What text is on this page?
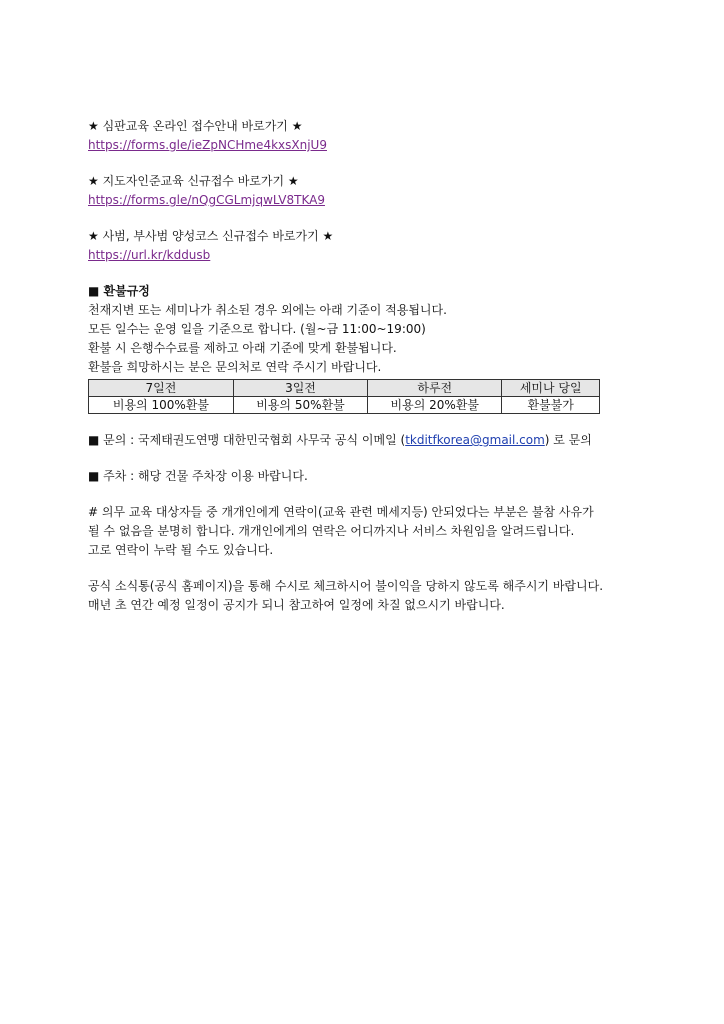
★ 심판교육 온라인 접수안내 바로가기 ★
https://forms.gle/ieZpNCHme4kxsXnjU9
★ 지도자인준교육 신규접수 바로가기 ★
https://forms.gle/nQgCGLmjqwLV8TKA9
★ 사범, 부사범 양성코스 신규접수 바로가기 ★
https://url.kr/kddusb
■ 환불규정
천재지변 또는 세미나가 취소된 경우 외에는 아래 기준이 적용됩니다.
모든 일수는 운영 일을 기준으로 합니다. (월~금 11:00~19:00)
환불 시 은행수수료를 제하고 아래 기준에 맞게 환불됩니다.
환불을 희망하시는 분은 문의처로 연락 주시기 바랍니다.
7일전	3일전	하루전	세미나 당일
비용의 100%환불	비용의 50%환불	비용의 20%환불	환불불가
■ 문의 : 국제태권도연맹 대한민국협회 사무국 공식 이메일 (tkditfkorea@gmail.com) 로 문의
■ 주차 : 해당 건물 주차장 이용 바랍니다.
# 의무 교육 대상자들 중 개개인에게 연락이(교육 관련 메세지등) 안되었다는 부분은 불참 사유가
될 수 없음을 분명히 합니다. 개개인에게의 연락은 어디까지나 서비스 차원임을 알려드립니다.
고로 연락이 누락 될 수도 있습니다.
공식 소식통(공식 홈페이지)을 통해 수시로 체크하시어 불이익을 당하지 않도록 해주시기 바랍니다.
매년 초 연간 예정 일정이 공지가 되니 참고하여 일정에 차질 없으시기 바랍니다.
